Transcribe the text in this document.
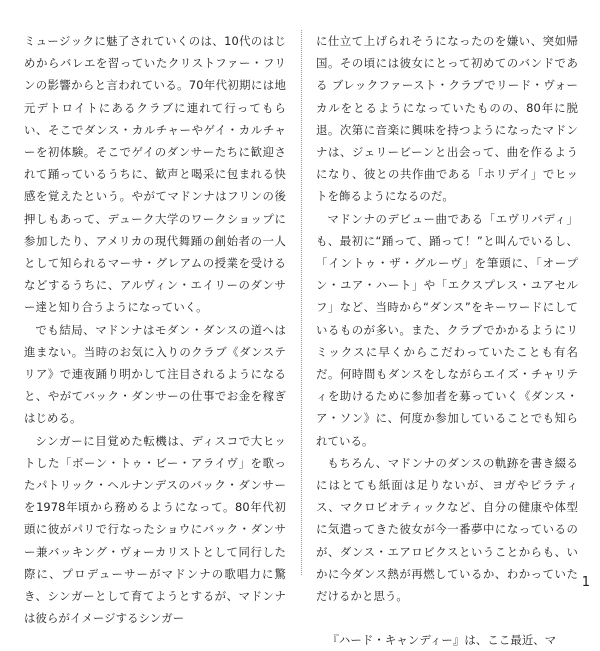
ミュージックに魅了されていくのは、10代のはじめからバレエを習っていたクリストファー・フリンの影響からと言われている。70年代初期には地元デトロイトにあるクラブに連れて行ってもらい、そこでダンス・カルチャーやゲイ・カルチャーを初体験。そこでゲイのダンサーたちに歓迎されて踊っているうちに、歓声と喝采に包まれる快感を覚えたという。やがてマドンナはフリンの後押しもあって、デューク大学のワークショップに参加したり、アメリカの現代舞踊の創始者の一人として知られるマーサ・グレアムの授業を受けるなどするうちに、アルヴィン・エイリーのダンサー達と知り合うようになっていく。

でも結局、マドンナはモダン・ダンスの道へは進まない。当時のお気に入りのクラブ《ダンステリア》で連夜踊り明かして注目されるようになると、やがてバック・ダンサーの仕事でお金を稼ぎはじめる。

シンガーに目覚めた転機は、ディスコで大ヒットした「ボーン・トゥ・ビー・アライヴ」を歌ったパトリック・ヘルナンデスのバック・ダンサーを1978年頃から務めるようになって。80年代初頭に彼がパリで行なったショウにバック・ダンサー兼バッキング・ヴォーカリストとして同行した際に、プロデューサーがマドンナの歌唱力に驚き、シンガーとして育てようとするが、マドンナは彼らがイメージするシンガー

に仕立て上げられそうになったのを嫌い、突如帰国。その頃には彼女にとって初めてのバンドである ブレックファースト・クラブでリード・ヴォーカルをとるようになっていたものの、80年に脱退。次第に音楽に興味を持つようになったマドンナは、ジェリービーンと出会って、曲を作るようになり、彼との共作曲である「ホリデイ」でヒットを飾るようになるのだ。

マドンナのデビュー曲である「エヴリバディ」も、最初に“踊って、踊って！”と叫んでいるし、「イントゥ・ザ・グルーヴ」を筆頭に、「オープン・ユア・ハート」や「エクスプレス・ユアセルフ」など、当時から“ダンス”をキーワードにしているものが多い。また、クラブでかかるようにリミックスに早くからこだわっていたことも有名だ。何時間もダンスをしながらエイズ・チャリティを助けるために参加者を募っていく《ダンス・ア・ソン》に、何度か参加していることでも知られている。

もちろん、マドンナのダンスの軌跡を書き綴るにはとても紙面は足りないが、ヨガやピラティス、マクロビオティックなど、自分の健康や体型に気遣ってきた彼女が今一番夢中になっているのが、ダンス・エアロビクスということからも、いかに今ダンス熱が再燃しているか、わかっていただけるかと思う。

『ハード・キャンディー』は、ここ最近、マ

1
